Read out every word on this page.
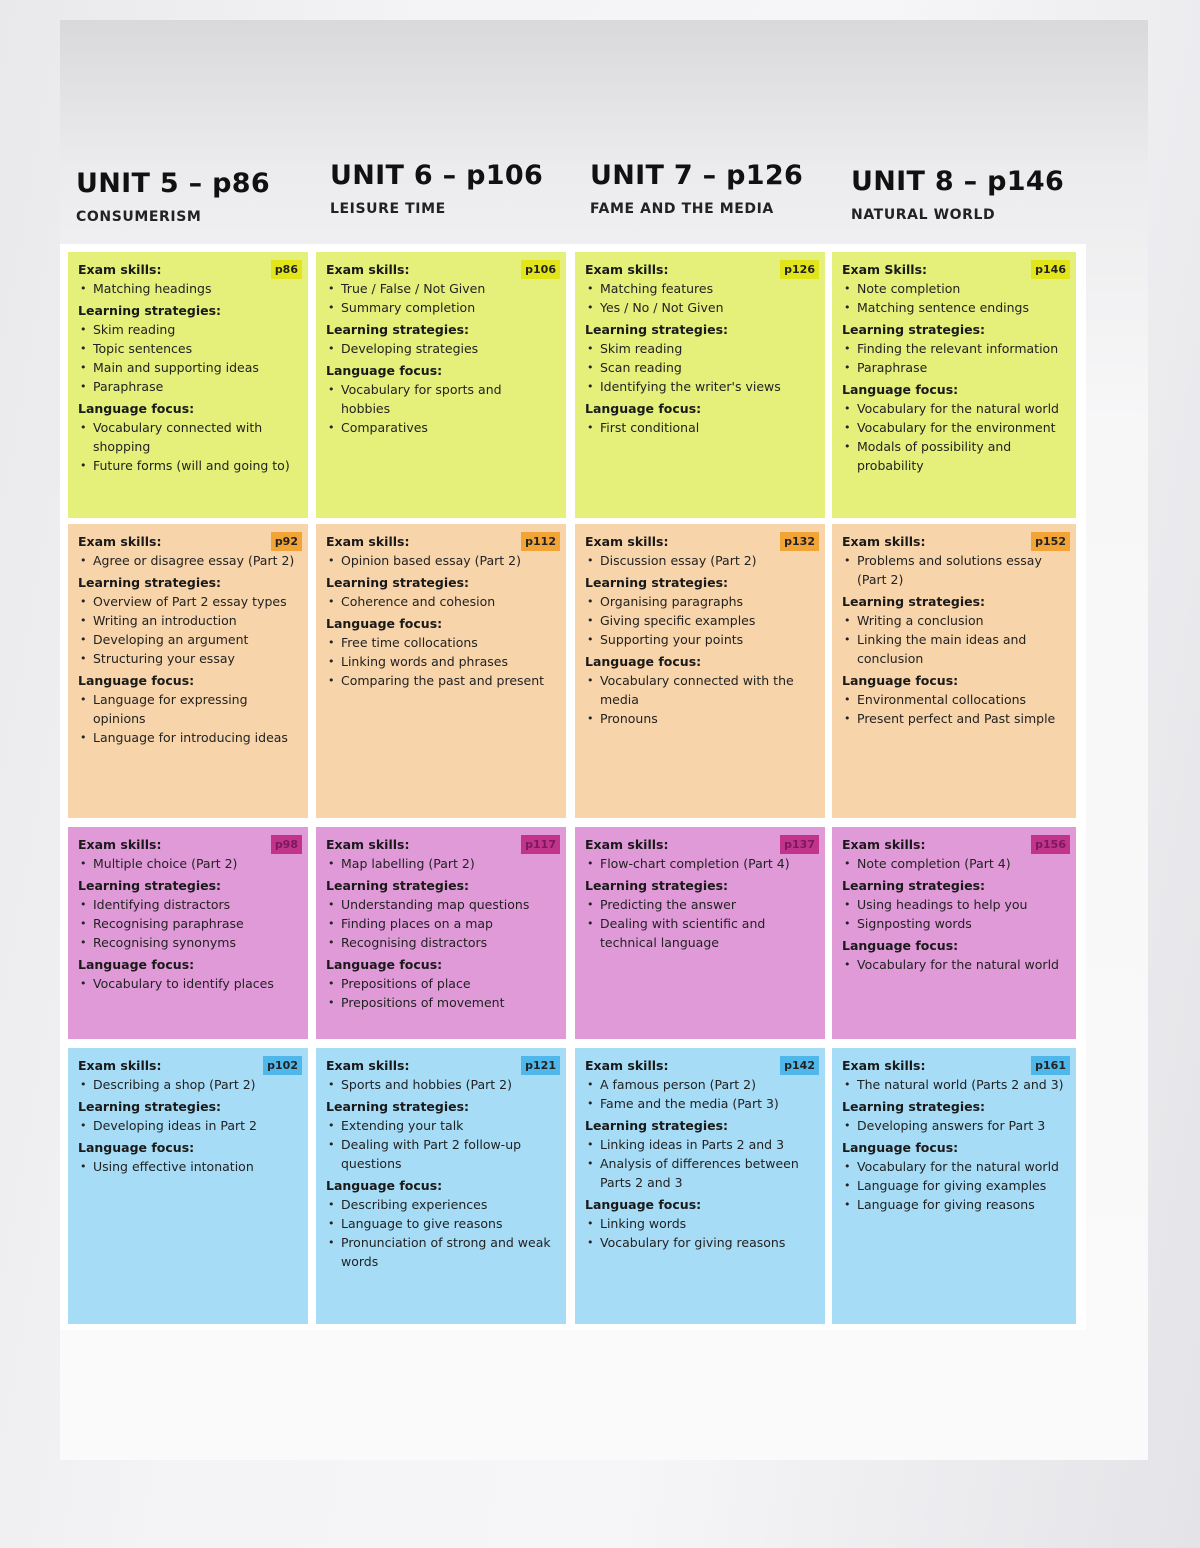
UNIT 5 – p86
CONSUMERISM
UNIT 6 – p106
LEISURE TIME
UNIT 7 – p126
FAME AND THE MEDIA
UNIT 8 – p146
NATURAL WORLD
p86
Exam skills:
• Matching headings
Learning strategies:
• Skim reading
• Topic sentences
• Main and supporting ideas
• Paraphrase
Language focus:
• Vocabulary connected with shopping
• Future forms (will and going to)
p106
Exam skills:
• True / False / Not Given
• Summary completion
Learning strategies:
• Developing strategies
Language focus:
• Vocabulary for sports and hobbies
• Comparatives
p126
Exam skills:
• Matching features
• Yes / No / Not Given
Learning strategies:
• Skim reading
• Scan reading
• Identifying the writer's views
Language focus:
• First conditional
p146
Exam Skills:
• Note completion
• Matching sentence endings
Learning strategies:
• Finding the relevant information
• Paraphrase
Language focus:
• Vocabulary for the natural world
• Vocabulary for the environment
• Modals of possibility and probability
p92
Exam skills:
• Agree or disagree essay (Part 2)
Learning strategies:
• Overview of Part 2 essay types
• Writing an introduction
• Developing an argument
• Structuring your essay
Language focus:
• Language for expressing opinions
• Language for introducing ideas
p112
Exam skills:
• Opinion based essay (Part 2)
Learning strategies:
• Coherence and cohesion
Language focus:
• Free time collocations
• Linking words and phrases
• Comparing the past and present
p132
Exam skills:
• Discussion essay (Part 2)
Learning strategies:
• Organising paragraphs
• Giving specific examples
• Supporting your points
Language focus:
• Vocabulary connected with the media
• Pronouns
p152
Exam skills:
• Problems and solutions essay (Part 2)
Learning strategies:
• Writing a conclusion
• Linking the main ideas and conclusion
Language focus:
• Environmental collocations
• Present perfect and Past simple
p98
Exam skills:
• Multiple choice (Part 2)
Learning strategies:
• Identifying distractors
• Recognising paraphrase
• Recognising synonyms
Language focus:
• Vocabulary to identify places
p117
Exam skills:
• Map labelling (Part 2)
Learning strategies:
• Understanding map questions
• Finding places on a map
• Recognising distractors
Language focus:
• Prepositions of place
• Prepositions of movement
p137
Exam skills:
• Flow-chart completion (Part 4)
Learning strategies:
• Predicting the answer
• Dealing with scientific and technical language
p156
Exam skills:
• Note completion (Part 4)
Learning strategies:
• Using headings to help you
• Signposting words
Language focus:
• Vocabulary for the natural world
p102
Exam skills:
• Describing a shop (Part 2)
Learning strategies:
• Developing ideas in Part 2
Language focus:
• Using effective intonation
p121
Exam skills:
• Sports and hobbies (Part 2)
Learning strategies:
• Extending your talk
• Dealing with Part 2 follow-up questions
Language focus:
• Describing experiences
• Language to give reasons
• Pronunciation of strong and weak words
p142
Exam skills:
• A famous person (Part 2)
• Fame and the media (Part 3)
Learning strategies:
• Linking ideas in Parts 2 and 3
• Analysis of differences between Parts 2 and 3
Language focus:
• Linking words
• Vocabulary for giving reasons
p161
Exam skills:
• The natural world (Parts 2 and 3)
Learning strategies:
• Developing answers for Part 3
Language focus:
• Vocabulary for the natural world
• Language for giving examples
• Language for giving reasons
